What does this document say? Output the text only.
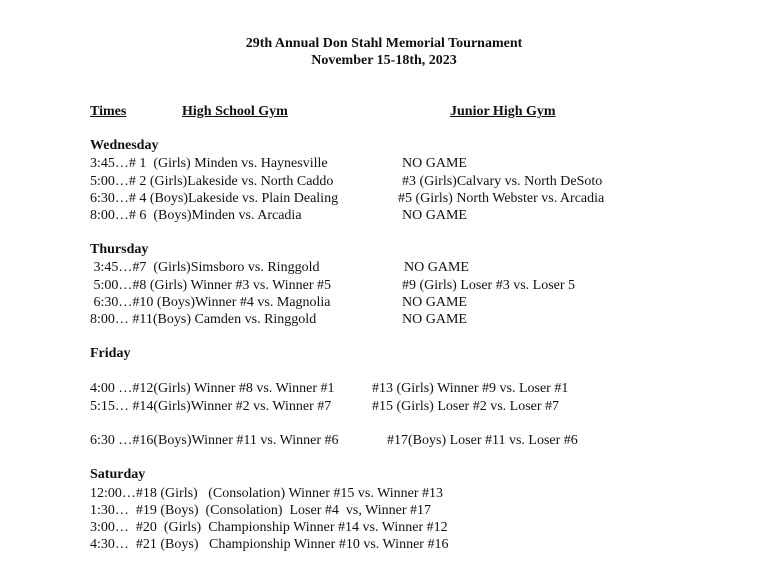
29th Annual Don Stahl Memorial Tournament
November 15-18th, 2023
Times	High School Gym	Junior High Gym
Wednesday
3:45…# 1  (Girls) Minden vs. Haynesville	NO GAME
5:00…# 2 (Girls)Lakeside vs. North Caddo	#3 (Girls)Calvary vs. North DeSoto
6:30…# 4 (Boys)Lakeside vs. Plain Dealing	#5 (Girls) North Webster vs. Arcadia
8:00…# 6  (Boys)Minden vs. Arcadia	NO GAME
Thursday
3:45…#7  (Girls)Simsboro vs. Ringgold	NO GAME
5:00…#8 (Girls) Winner #3 vs. Winner #5	#9 (Girls) Loser #3 vs. Loser 5
6:30…#10 (Boys)Winner #4 vs. Magnolia	NO GAME
8:00… #11(Boys) Camden vs. Ringgold	NO GAME
Friday
4:00 …#12(Girls) Winner #8 vs. Winner #1	#13 (Girls) Winner #9 vs. Loser #1
5:15… #14(Girls)Winner #2 vs. Winner #7	#15 (Girls) Loser #2 vs. Loser #7
6:30 …#16(Boys)Winner #11 vs. Winner #6	#17(Boys) Loser #11 vs. Loser #6
Saturday
12:00…#18 (Girls)   (Consolation) Winner #15 vs. Winner #13
1:30…  #19 (Boys)  (Consolation)  Loser #4  vs, Winner #17
3:00…  #20  (Girls)  Championship Winner #14 vs. Winner #12
4:30…  #21 (Boys)   Championship Winner #10 vs. Winner #16
